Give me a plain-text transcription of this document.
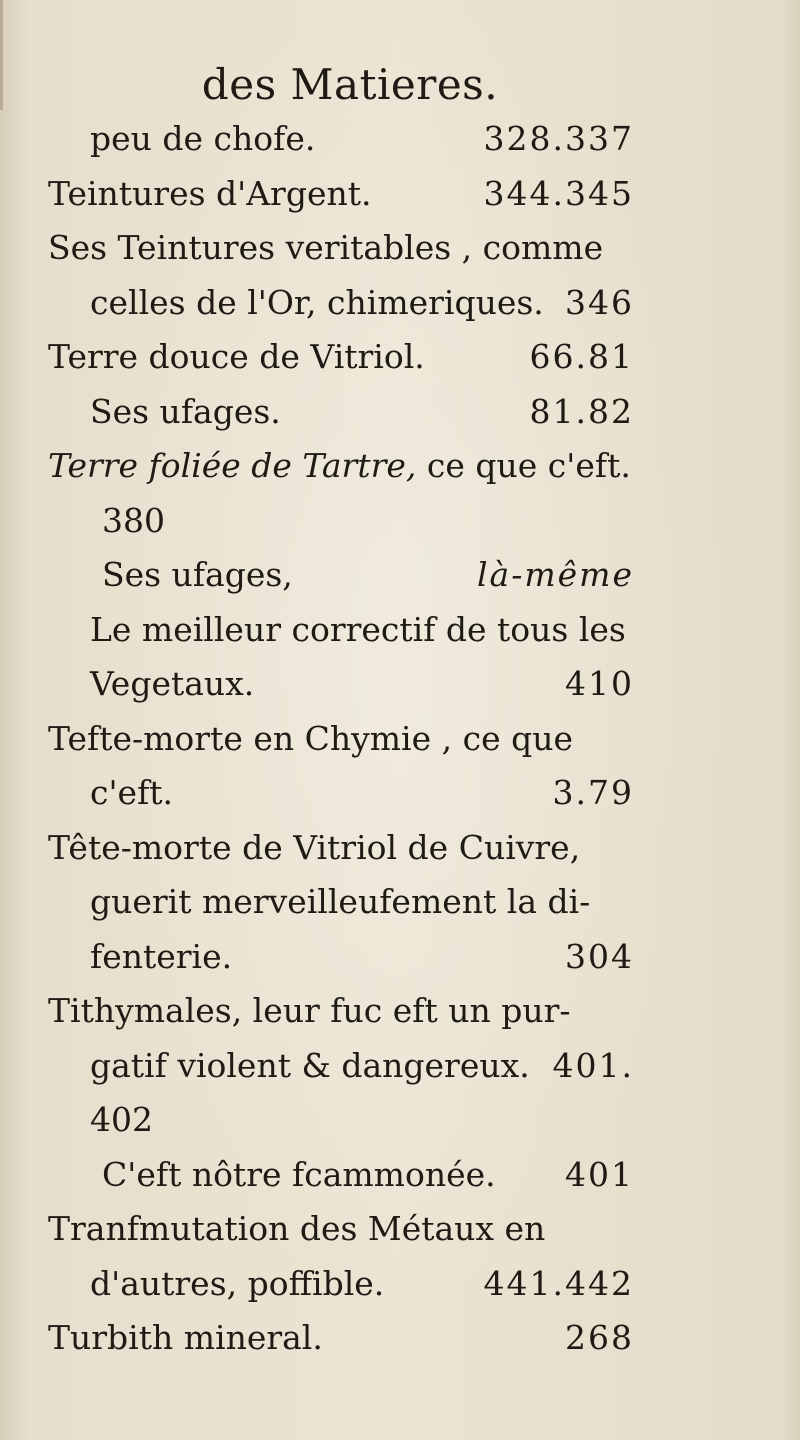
des Matieres.
peu de chofe.	328.337
Teintures d'Argent.	344.345
Ses Teintures veritables , comme
celles de l'Or, chimeriques. 346
Terre douce de Vitriol.	66.81
Ses ufages.	81.82
Terre foliée de Tartre, ce que c'eft.
380
Ses ufages,	là-même
Le meilleur correctif de tous les
Vegetaux.	410
Tefte-morte en Chymie , ce que
c'eft.	3.79
Tête-morte de Vitriol de Cuivre,
guerit merveilleufement la di-
fenterie.	304
Tithymales, leur fuc eft un pur-
gatif violent & dangereux. 401.
402
C'eft nôtre fcammonée. 401
Tranfmutation des Métaux en
d'autres, poffible.	441.442
Turbith mineral.	268
